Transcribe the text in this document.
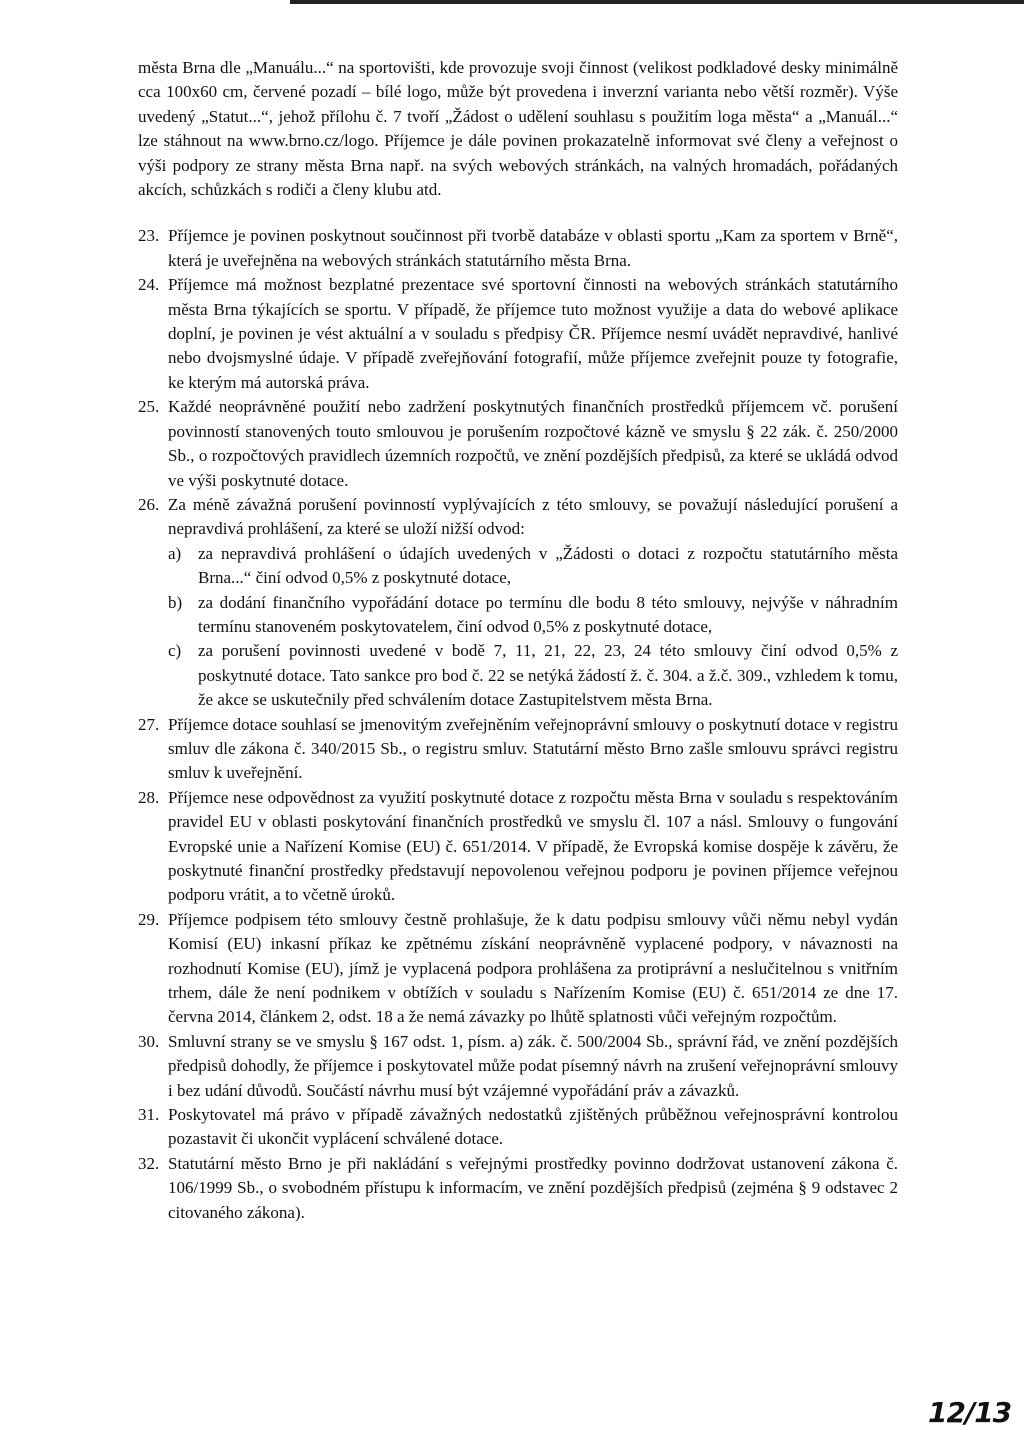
města Brna dle „Manuálu...“ na sportovišti, kde provozuje svoji činnost (velikost podkladové desky minimálně cca 100x60 cm, červené pozadí – bílé logo, může být provedena i inverzní varianta nebo větší rozměr). Výše uvedený „Statut...“, jehož přílohu č. 7 tvoří „Žádost o udělení souhlasu s použitím loga města“ a „Manuál...“ lze stáhnout na www.brno.cz/logo. Příjemce je dále povinen prokazatelně informovat své členy a veřejnost o výši podpory ze strany města Brna např. na svých webových stránkách, na valných hromadách, pořádaných akcích, schůzkách s rodiči a členy klubu atd.

23. Příjemce je povinen poskytnout součinnost při tvorbě databáze v oblasti sportu „Kam za sportem v Brně“, která je uveřejněna na webových stránkách statutárního města Brna.
24. Příjemce má možnost bezplatné prezentace své sportovní činnosti na webových stránkách statutárního města Brna týkajících se sportu. V případě, že příjemce tuto možnost využije a data do webové aplikace doplní, je povinen je vést aktuální a v souladu s předpisy ČR. Příjemce nesmí uvádět nepravdivé, hanlivé nebo dvojsmyslné údaje. V případě zveřejňování fotografií, může příjemce zveřejnit pouze ty fotografie, ke kterým má autorská práva.
25. Každé neoprávněné použití nebo zadržení poskytnutých finančních prostředků příjemcem vč. porušení povinností stanovených touto smlouvou je porušením rozpočtové kázně ve smyslu § 22 zák. č. 250/2000 Sb., o rozpočtových pravidlech územních rozpočtů, ve znění pozdějších předpisů, za které se ukládá odvod ve výši poskytnuté dotace.
26. Za méně závažná porušení povinností vyplývajících z této smlouvy, se považují následující porušení a nepravdivá prohlášení, za které se uloží nižší odvod:
a) za nepravdivá prohlášení o údajích uvedených v „Žádosti o dotaci z rozpočtu statutárního města Brna...“ činí odvod 0,5% z poskytnuté dotace,
b) za dodání finančního vypořádání dotace po termínu dle bodu 8 této smlouvy, nejvýše v náhradním termínu stanoveném poskytovatelem, činí odvod 0,5% z poskytnuté dotace,
c) za porušení povinnosti uvedené v bodě 7, 11, 21, 22, 23, 24 této smlouvy činí odvod 0,5% z poskytnuté dotace. Tato sankce pro bod č. 22 se netýká žádostí ž. č. 304. a ž.č. 309., vzhledem k tomu, že akce se uskutečnily před schválením dotace Zastupitelstvem města Brna.
27. Příjemce dotace souhlasí se jmenovitým zveřejněním veřejnoprávní smlouvy o poskytnutí dotace v registru smluv dle zákona č. 340/2015 Sb., o registru smluv. Statutární město Brno zašle smlouvu správci registru smluv k uveřejnění.
28. Příjemce nese odpovědnost za využití poskytnuté dotace z rozpočtu města Brna v souladu s respektováním pravidel EU v oblasti poskytování finančních prostředků ve smyslu čl. 107 a násl. Smlouvy o fungování Evropské unie a Nařízení Komise (EU) č. 651/2014. V případě, že Evropská komise dospěje k závěru, že poskytnuté finanční prostředky představují nepovolenou veřejnou podporu je povinen příjemce veřejnou podporu vrátit, a to včetně úroků.
29. Příjemce podpisem této smlouvy čestně prohlašuje, že k datu podpisu smlouvy vůči němu nebyl vydán Komisí (EU) inkasní příkaz ke zpětnému získání neoprávněně vyplacené podpory, v návaznosti na rozhodnutí Komise (EU), jímž je vyplacená podpora prohlášena za protiprávní a neslučitelnou s vnitřním trhem, dále že není podnikem v obtížích v souladu s Nařízením Komise (EU) č. 651/2014 ze dne 17. června 2014, článkem 2, odst. 18 a že nemá závazky po lhůtě splatnosti vůči veřejným rozpočtům.
30. Smluvní strany se ve smyslu § 167 odst. 1, písm. a) zák. č. 500/2004 Sb., správní řád, ve znění pozdějších předpisů dohodly, že příjemce i poskytovatel může podat písemný návrh na zrušení veřejnoprávní smlouvy i bez udání důvodů. Součástí návrhu musí být vzájemné vypořádání práv a závazků.
31. Poskytovatel má právo v případě závažných nedostatků zjištěných průběžnou veřejnosprávní kontrolou pozastavit či ukončit vyplácení schválené dotace.
32. Statutární město Brno je při nakládání s veřejnými prostředky povinno dodržovat ustanovení zákona č. 106/1999 Sb., o svobodném přístupu k informacím, ve znění pozdějších předpisů (zejména § 9 odstavec 2 citovaného zákona).
12/13
